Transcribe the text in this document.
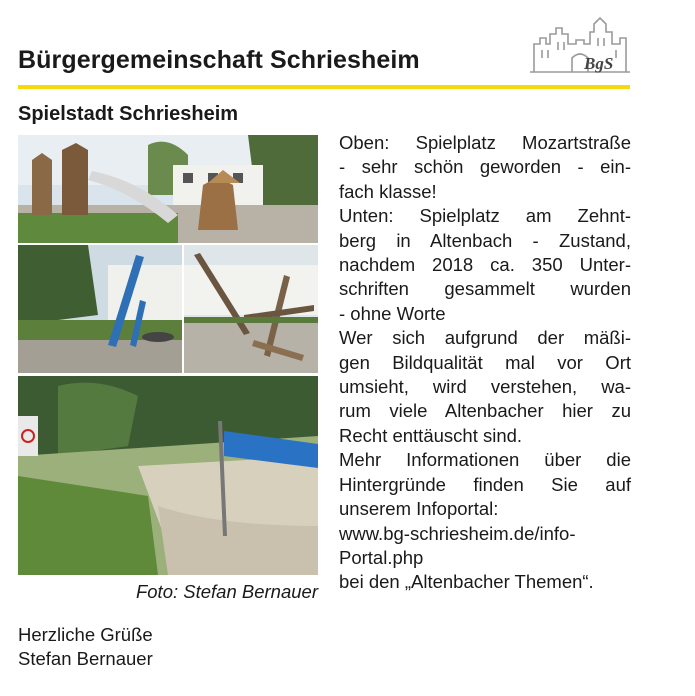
Bürgergemeinschaft Schriesheim	BgS
Spielstadt Schriesheim
Foto: Stefan Bernauer
Oben: Spielplatz Mozartstraße
- sehr schön geworden - ein-
fach klasse!
Unten: Spielplatz am Zehnt-
berg in Altenbach - Zustand,
nachdem 2018 ca. 350 Unter-
schriften gesammelt wurden
- ohne Worte
Wer sich aufgrund der mäßi-
gen Bildqualität mal vor Ort
umsieht, wird verstehen, wa-
rum viele Altenbacher hier zu
Recht enttäuscht sind.
Mehr Informationen über die
Hintergründe finden Sie auf
unserem Infoportal:
www.bg-schriesheim.de/info-
Portal.php
bei den „Altenbacher Themen“.
Herzliche Grüße
Stefan Bernauer
